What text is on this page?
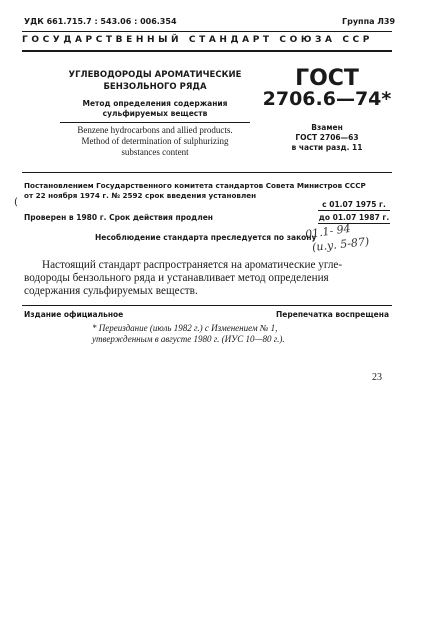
УДК 661.715.7 : 543.06 : 006.354	Группа Л39
ГОСУДАРСТВЕННЫЙ СТАНДАРТ СОЮЗА ССР
УГЛЕВОДОРОДЫ АРОМАТИЧЕСКИЕ
БЕНЗОЛЬНОГО РЯДА
Метод определения содержания
сульфируемых веществ
Benzene hydrocarbons and allied products.
Method of determination of sulphurizing
substances content
ГОСТ
2706.6—74*
Взамен
ГОСТ 2706—63
в части разд. 11
Постановлением Государственного комитета стандартов Совета Министров СССР
от 22 ноября 1974 г. № 2592 срок введения установлен
(	с 01.07 1975 г.
Проверен в 1980 г. Срок действия продлен	до 01.07 1987 г.
Несоблюдение стандарта преследуется по закону
01.1- 94
(и.у. 5-87)
Настоящий стандарт распространяется на ароматические угле-
водороды бензольного ряда и устанавливает метод определения
содержания сульфируемых веществ.
Издание официальное	Перепечатка воспрещена
* Переиздание (июль 1982 г.) с Изменением № 1,
утвержденным в августе 1980 г. (ИУС 10—80 г.).
23
